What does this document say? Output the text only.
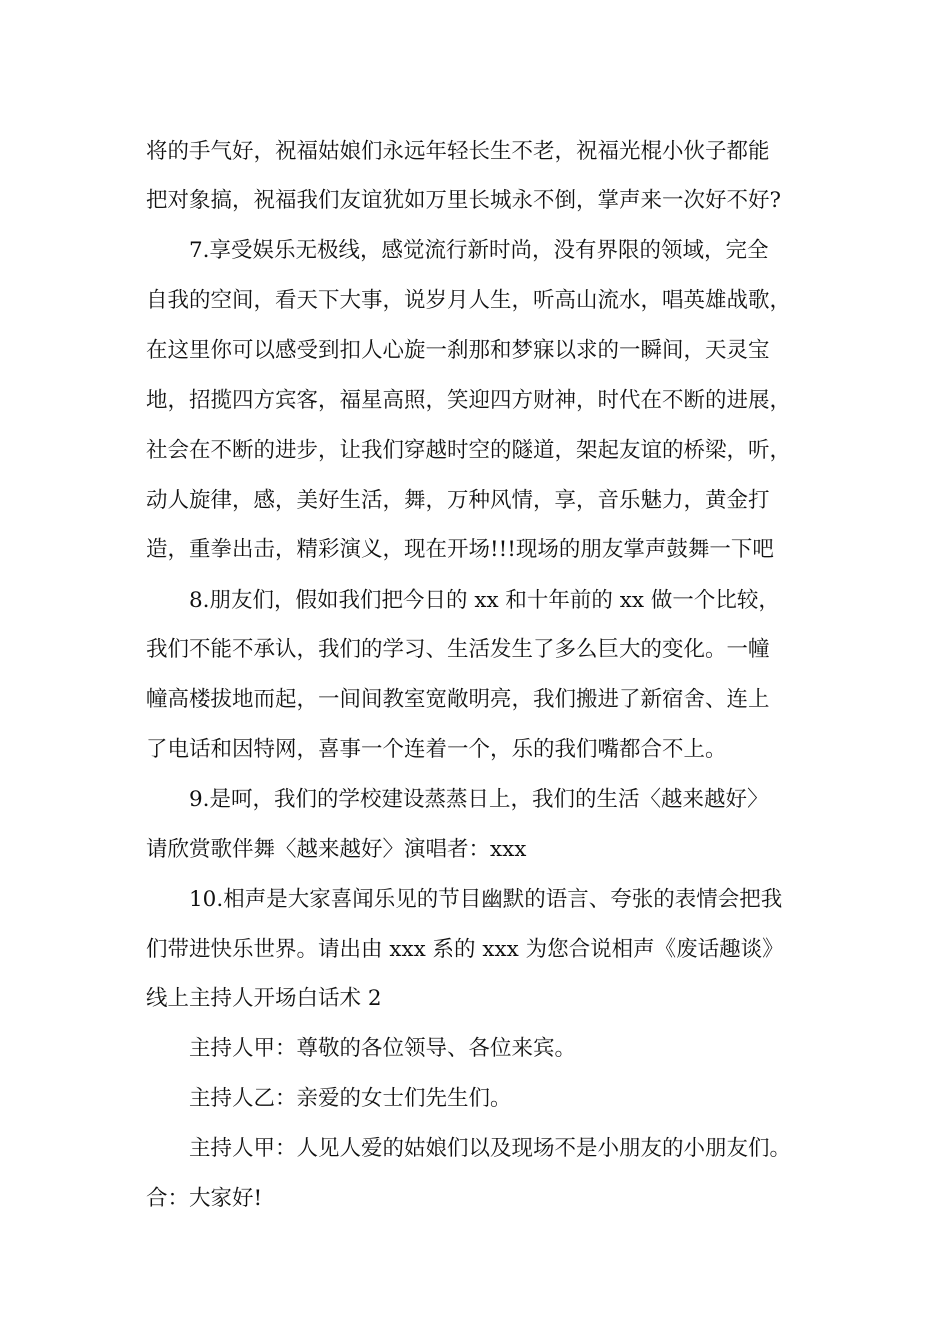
将的手气好，祝福姑娘们永远年轻长生不老，祝福光棍小伙子都能
把对象搞，祝福我们友谊犹如万里长城永不倒，掌声来一次好不好?
7.享受娱乐无极线，感觉流行新时尚，没有界限的领域，完全
自我的空间，看天下大事，说岁月人生，听高山流水，唱英雄战歌，
在这里你可以感受到扣人心旋一刹那和梦寐以求的一瞬间，天灵宝
地，招揽四方宾客，福星高照，笑迎四方财神，时代在不断的进展，
社会在不断的进步，让我们穿越时空的隧道，架起友谊的桥梁，听，
动人旋律，感，美好生活，舞，万种风情，享，音乐魅力，黄金打
造，重拳出击，精彩演义，现在开场!!!现场的朋友掌声鼓舞一下吧
8.朋友们，假如我们把今日的 xx 和十年前的 xx 做一个比较，
我们不能不承认，我们的学习、生活发生了多么巨大的变化。一幢
幢高楼拔地而起，一间间教室宽敞明亮，我们搬进了新宿舍、连上
了电话和因特网，喜事一个连着一个，乐的我们嘴都合不上。
9.是呵，我们的学校建设蒸蒸日上，我们的生活〈越来越好〉
请欣赏歌伴舞〈越来越好〉演唱者：xxx
10.相声是大家喜闻乐见的节目幽默的语言、夸张的表情会把我
们带进快乐世界。请出由 xxx 系的 xxx 为您合说相声《废话趣谈》
线上主持人开场白话术 2
主持人甲：尊敬的各位领导、各位来宾。
主持人乙：亲爱的女士们先生们。
主持人甲：人见人爱的姑娘们以及现场不是小朋友的小朋友们。
合：大家好!
